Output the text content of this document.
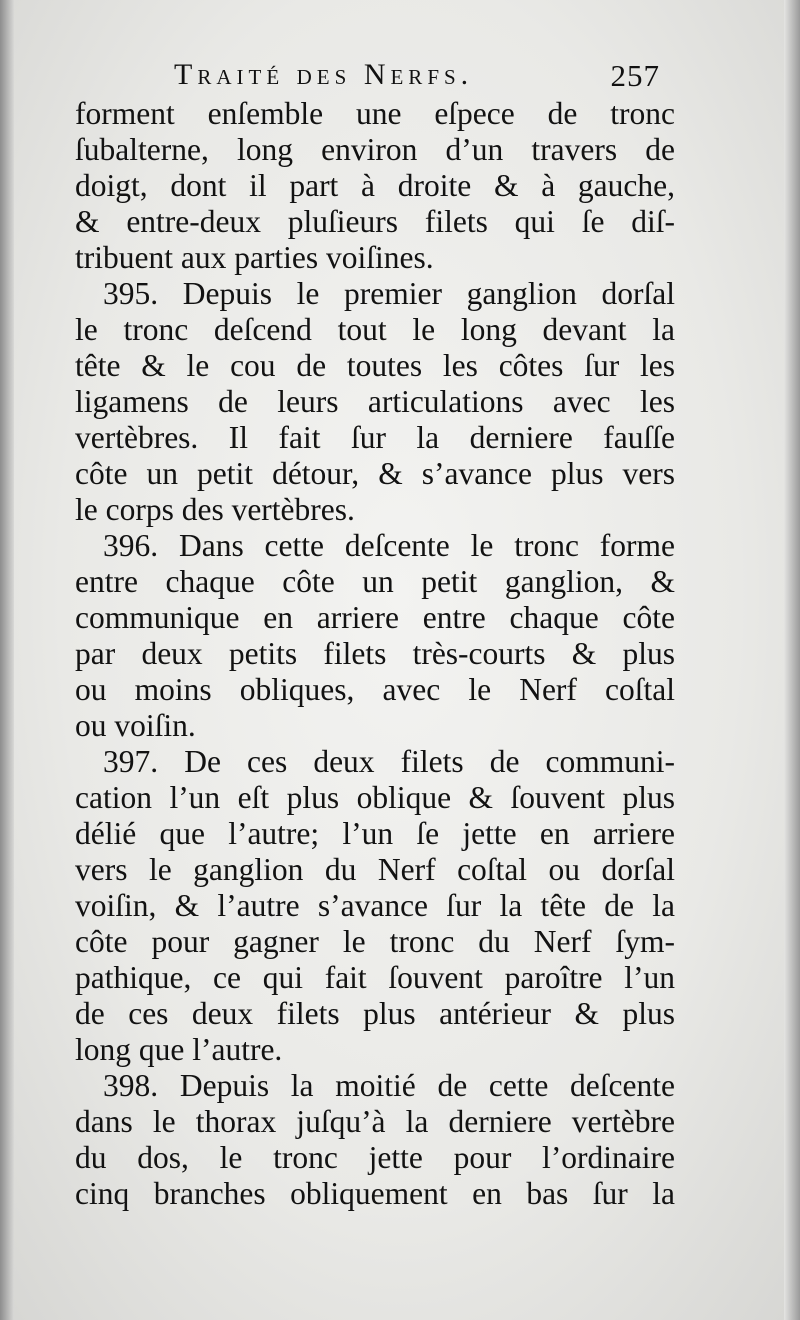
Traité des Nerfs.	257
forment enſemble une eſpece de tronc
ſubalterne, long environ d’un travers de
doigt, dont il part à droite & à gauche,
& entre-deux pluſieurs filets qui ſe diſ-
tribuent aux parties voiſines.
395. Depuis le premier ganglion dorſal
le tronc deſcend tout le long devant la
tête & le cou de toutes les côtes ſur les
ligamens de leurs articulations avec les
vertèbres. Il fait ſur la derniere fauſſe
côte un petit détour, & s’avance plus vers
le corps des vertèbres.
396. Dans cette deſcente le tronc forme
entre chaque côte un petit ganglion, &
communique en arriere entre chaque côte
par deux petits filets très-courts & plus
ou moins obliques, avec le Nerf coſtal
ou voiſin.
397. De ces deux filets de communi-
cation l’un eſt plus oblique & ſouvent plus
délié que l’autre; l’un ſe jette en arriere
vers le ganglion du Nerf coſtal ou dorſal
voiſin, & l’autre s’avance ſur la tête de la
côte pour gagner le tronc du Nerf ſym-
pathique, ce qui fait ſouvent paroître l’un
de ces deux filets plus antérieur & plus
long que l’autre.
398. Depuis la moitié de cette deſcente
dans le thorax juſqu’à la derniere vertèbre
du dos, le tronc jette pour l’ordinaire
cinq branches obliquement en bas ſur la
